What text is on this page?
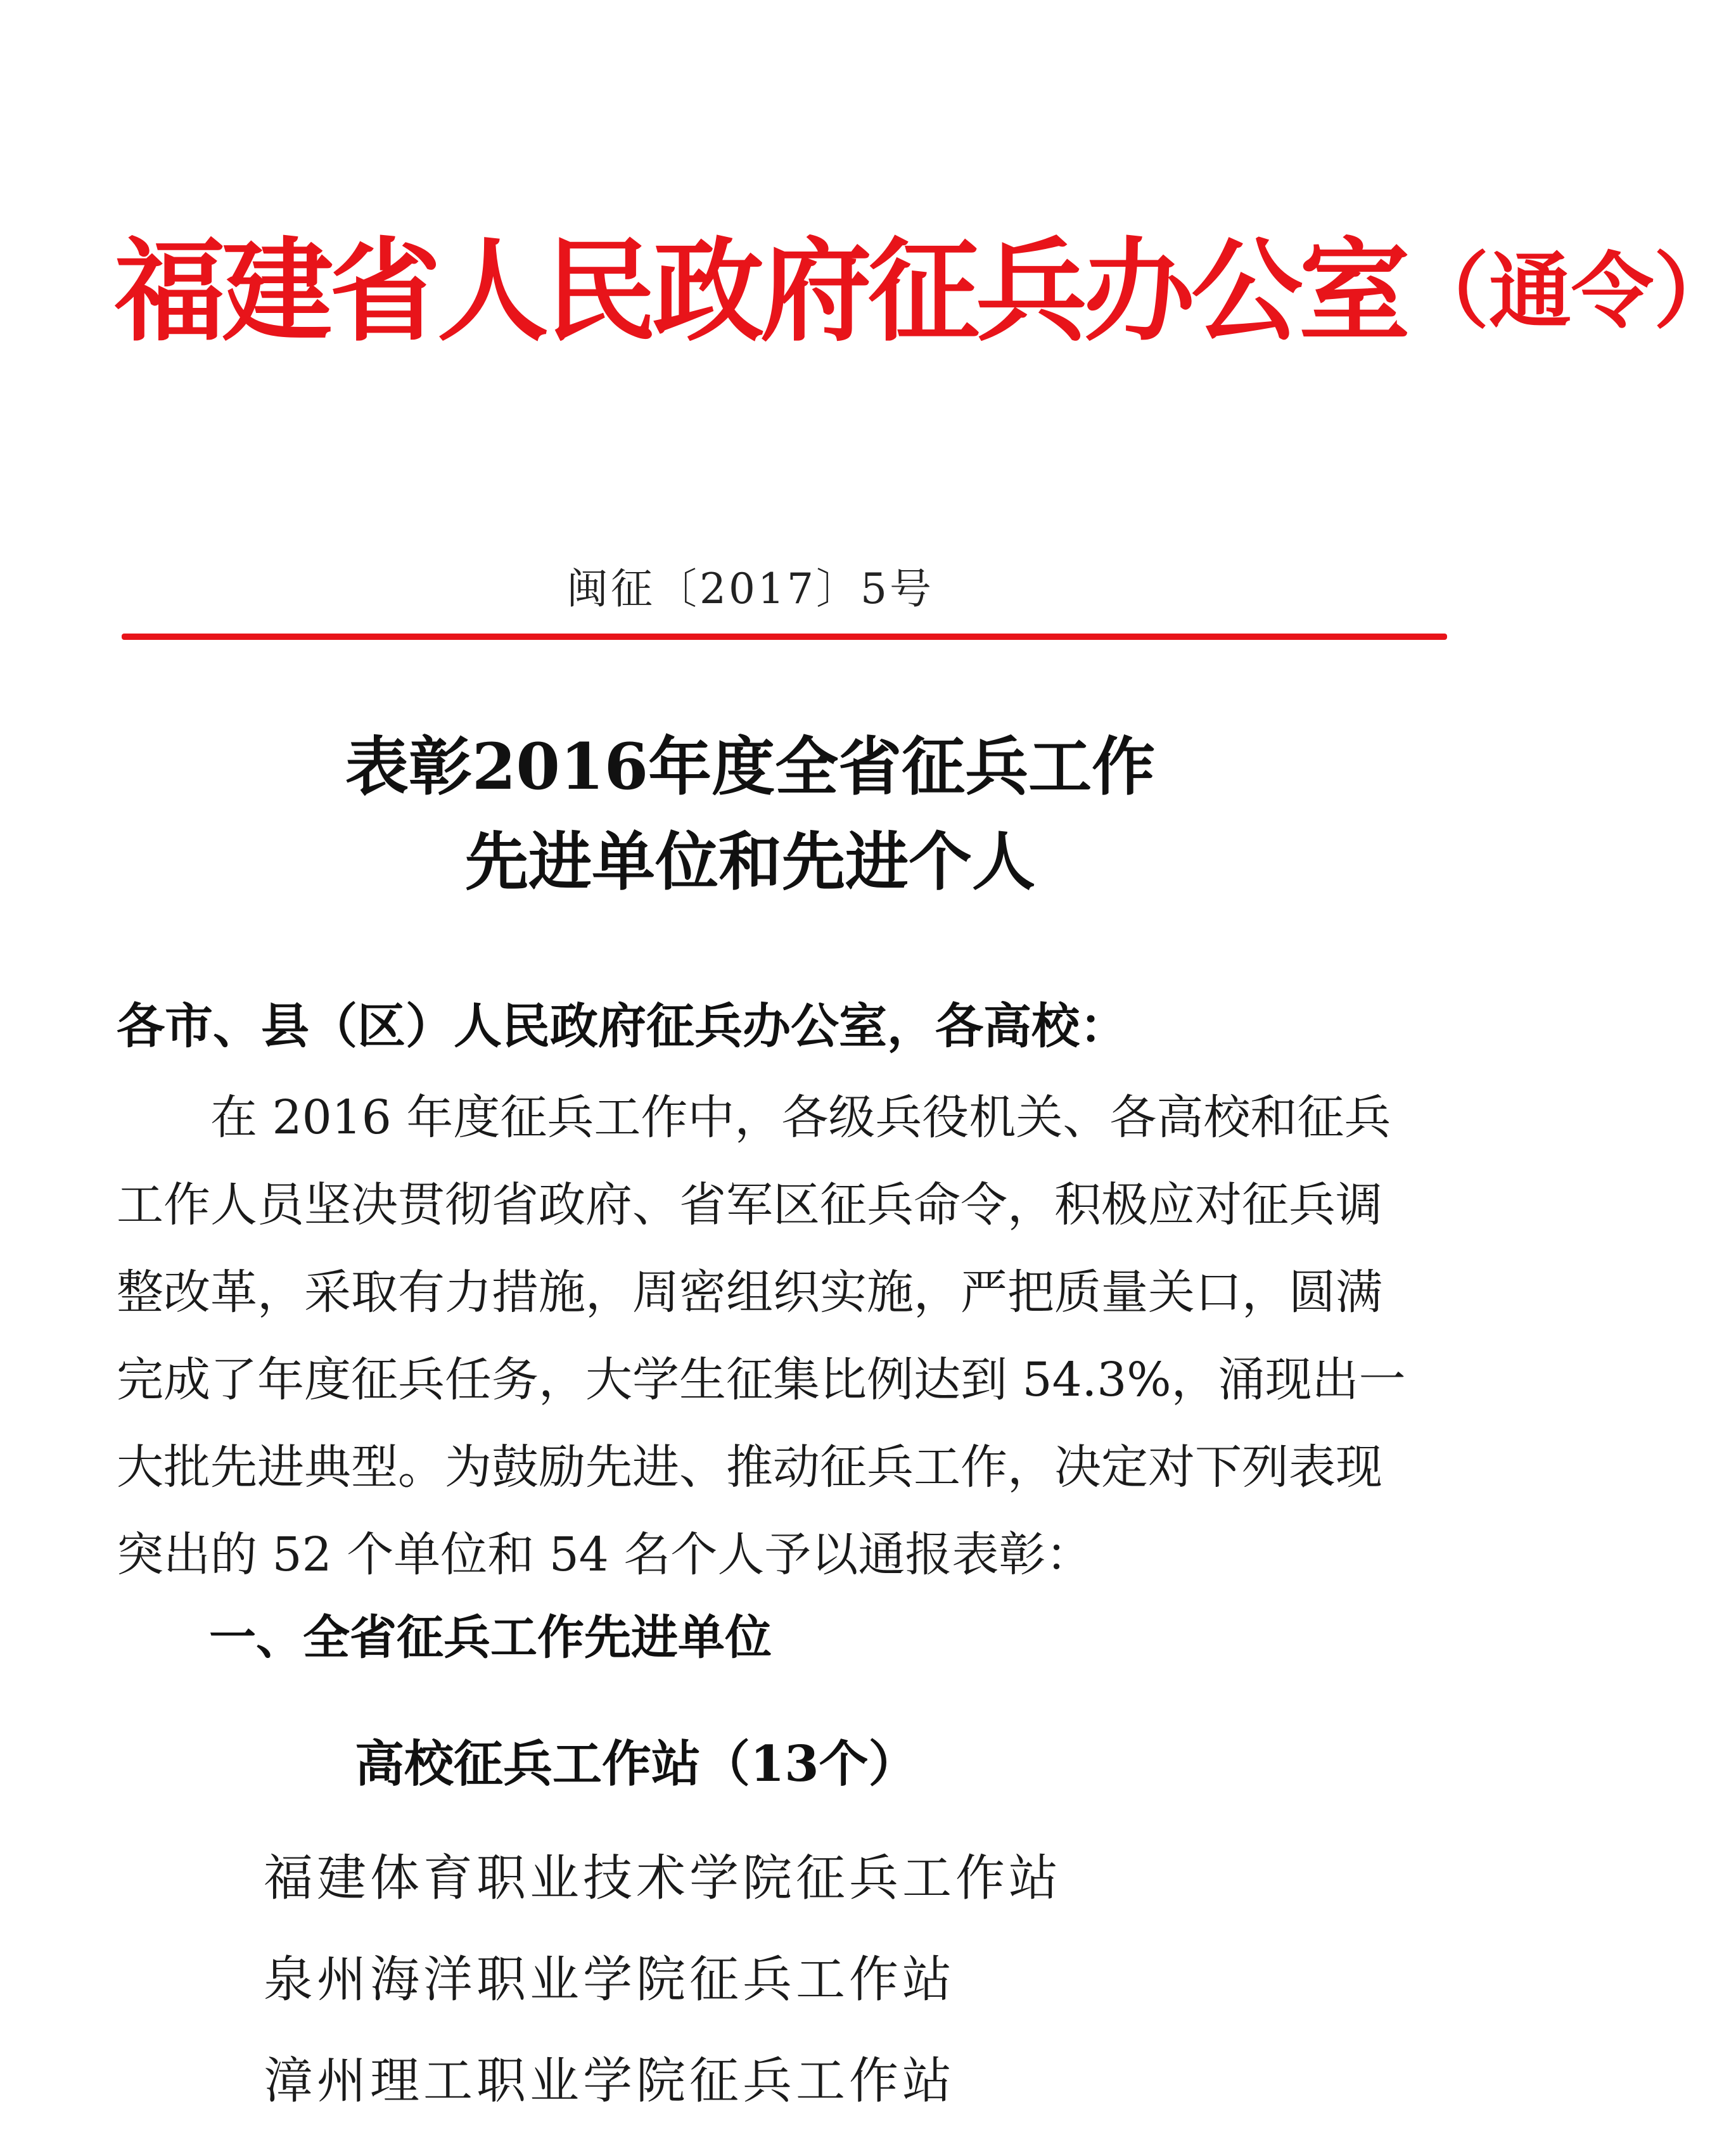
福建省人民政府征兵办公室（通令）
闽征〔2017〕5号
表彰2016年度全省征兵工作
先进单位和先进个人
各市、县（区）人民政府征兵办公室，各高校：
　　在 2016 年度征兵工作中，各级兵役机关、各高校和征兵
工作人员坚决贯彻省政府、省军区征兵命令，积极应对征兵调
整改革，采取有力措施，周密组织实施，严把质量关口，圆满
完成了年度征兵任务，大学生征集比例达到 54.3%，涌现出一
大批先进典型。为鼓励先进、推动征兵工作，决定对下列表现
突出的 52 个单位和 54 名个人予以通报表彰：
一、全省征兵工作先进单位
高校征兵工作站（13个）
福建体育职业技术学院征兵工作站
泉州海洋职业学院征兵工作站
漳州理工职业学院征兵工作站
